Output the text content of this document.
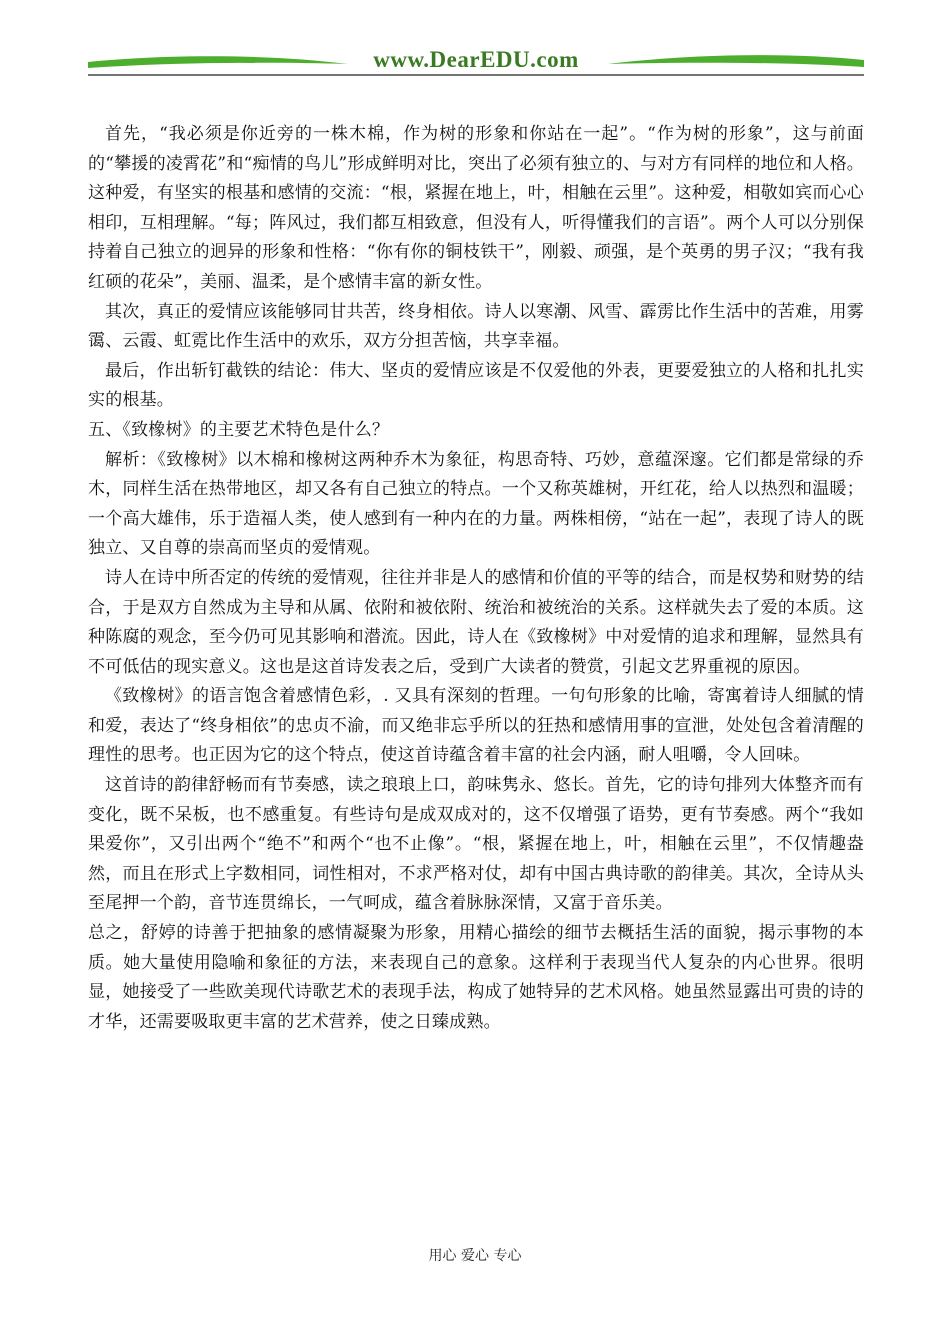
www.DearEDU.com

首先，“我必须是你近旁的一株木棉，作为树的形象和你站在一起”。“作为树的形象”，这与前面的“攀援的凌霄花”和“痴情的鸟儿”形成鲜明对比，突出了必须有独立的、与对方有同样的地位和人格。这种爱，有坚实的根基和感情的交流：“根，紧握在地上，叶，相触在云里”。这种爱，相敬如宾而心心相印，互相理解。“每；阵风过，我们都互相致意，但没有人，听得懂我们的言语”。两个人可以分别保持着自己独立的迥异的形象和性格：“你有你的铜枝铁干”，刚毅、顽强，是个英勇的男子汉；“我有我红硕的花朵”，美丽、温柔，是个感情丰富的新女性。

其次，真正的爱情应该能够同甘共苦，终身相依。诗人以寒潮、风雪、霹雳比作生活中的苦难，用雾霭、云霞、虹霓比作生活中的欢乐，双方分担苦恼，共享幸福。

最后，作出斩钉截铁的结论：伟大、坚贞的爱情应该是不仅爱他的外表，更要爱独立的人格和扎扎实实的根基。

五、《致橡树》的主要艺术特色是什么？

解析：《致橡树》以木棉和橡树这两种乔木为象征，构思奇特、巧妙，意蕴深邃。它们都是常绿的乔木，同样生活在热带地区，却又各有自己独立的特点。一个又称英雄树，开红花，给人以热烈和温暖；一个高大雄伟，乐于造福人类，使人感到有一种内在的力量。两株相傍，“站在一起”，表现了诗人的既独立、又自尊的崇高而坚贞的爱情观。

诗人在诗中所否定的传统的爱情观，往往并非是人的感情和价值的平等的结合，而是权势和财势的结合，于是双方自然成为主导和从属、依附和被依附、统治和被统治的关系。这样就失去了爱的本质。这种陈腐的观念，至今仍可见其影响和潜流。因此，诗人在《致橡树》中对爱情的追求和理解，显然具有不可低估的现实意义。这也是这首诗发表之后，受到广大读者的赞赏，引起文艺界重视的原因。

《致橡树》的语言饱含着感情色彩，. 又具有深刻的哲理。一句句形象的比喻，寄寓着诗人细腻的情和爱，表达了“终身相依”的忠贞不渝，而又绝非忘乎所以的狂热和感情用事的宣泄，处处包含着清醒的理性的思考。也正因为它的这个特点，使这首诗蕴含着丰富的社会内涵，耐人咀嚼，令人回味。

这首诗的韵律舒畅而有节奏感，读之琅琅上口，韵味隽永、悠长。首先，它的诗句排列大体整齐而有变化，既不呆板，也不感重复。有些诗句是成双成对的，这不仅增强了语势，更有节奏感。两个“我如果爱你”，又引出两个“绝不”和两个“也不止像”。“根，紧握在地上，叶，相触在云里”，不仅情趣盎然，而且在形式上字数相同，词性相对，不求严格对仗，却有中国古典诗歌的韵律美。其次，全诗从头至尾押一个韵，音节连贯绵长，一气呵成，蕴含着脉脉深情，又富于音乐美。

总之，舒婷的诗善于把抽象的感情凝聚为形象，用精心描绘的细节去概括生活的面貌，揭示事物的本质。她大量使用隐喻和象征的方法，来表现自己的意象。这样利于表现当代人复杂的内心世界。很明显，她接受了一些欧美现代诗歌艺术的表现手法，构成了她特异的艺术风格。她虽然显露出可贵的诗的才华，还需要吸取更丰富的艺术营养，使之日臻成熟。

用心 爱心 专心
